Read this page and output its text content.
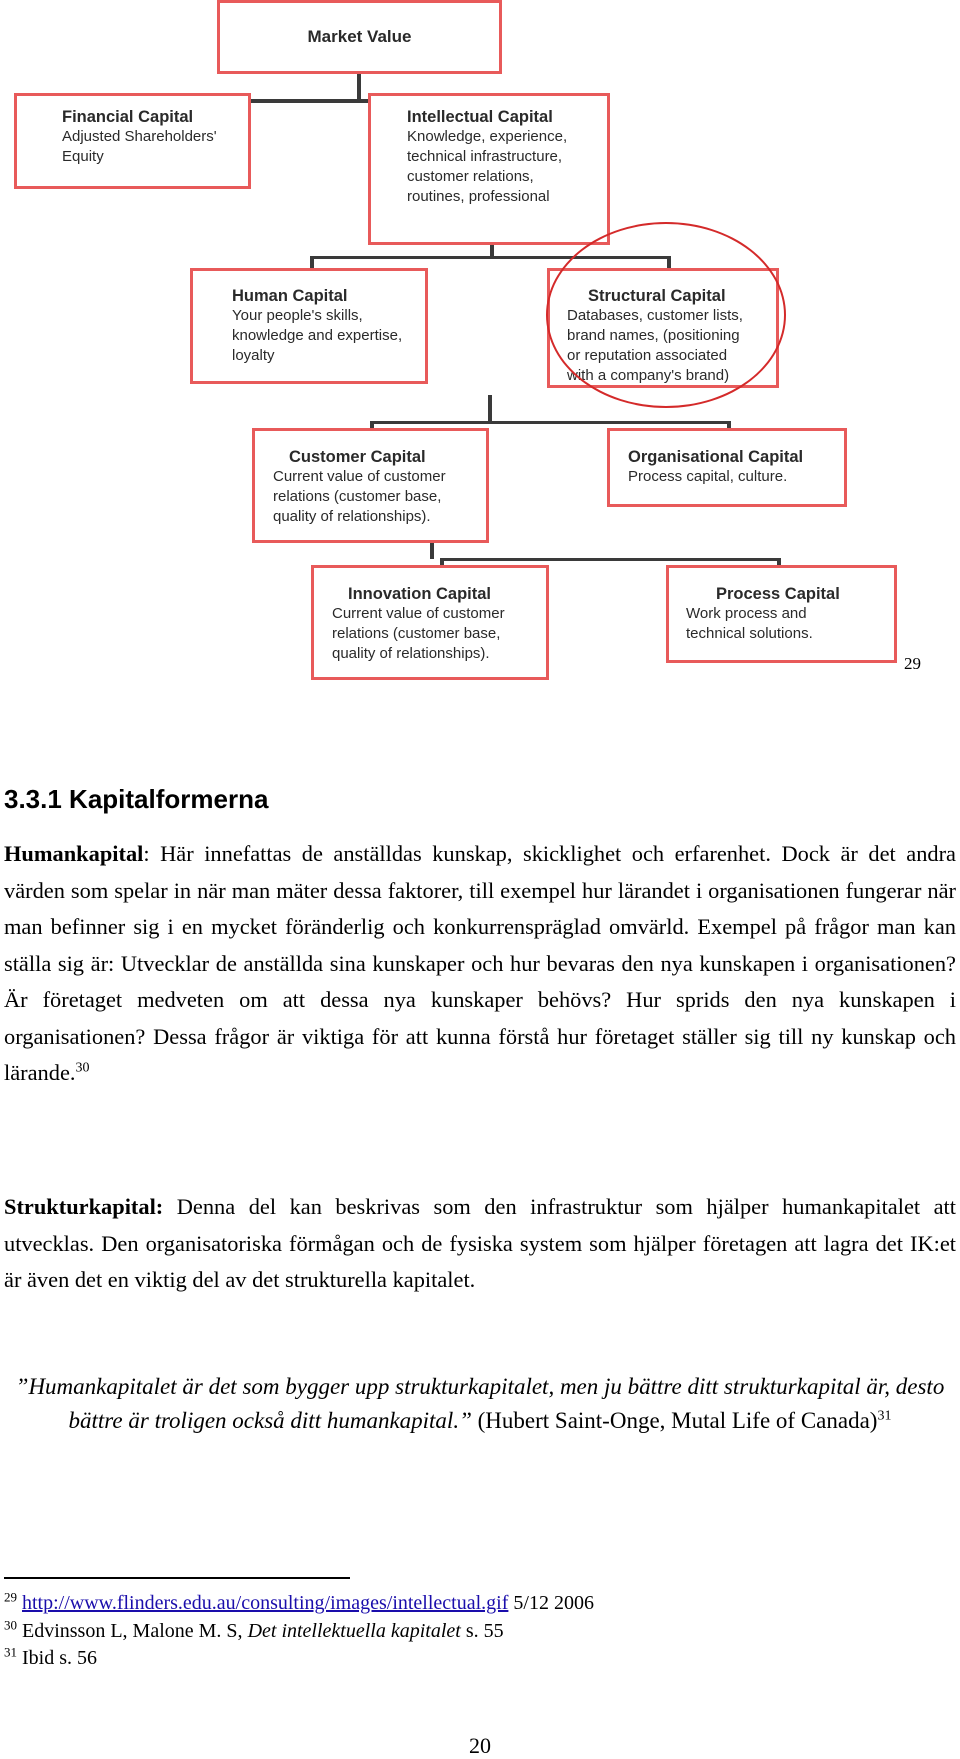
Market Value
Financial Capital
Adjusted Shareholders'
Equity
Intellectual Capital
Knowledge, experience,
technical infrastructure,
customer relations,
routines, professional
Human Capital
Your people's skills,
knowledge and expertise,
loyalty
Structural Capital
Databases, customer lists,
brand names, (positioning
or reputation associated
with a company's brand)
Customer Capital
Current value of customer
relations (customer base,
quality of relationships).
Organisational Capital
Process capital, culture.
Innovation Capital
Current value of customer
relations (customer base,
quality of relationships).
Process Capital
Work process and
technical solutions.
29
3.3.1 Kapitalformerna

Humankapital: Här innefattas de anställdas kunskap, skicklighet och erfarenhet. Dock är det andra värden som spelar in när man mäter dessa faktorer, till exempel hur lärandet i organisationen fungerar när man befinner sig i en mycket föränderlig och konkurrenspräglad omvärld. Exempel på frågor man kan ställa sig är: Utvecklar de anställda sina kunskaper och hur bevaras den nya kunskapen i organisationen? Är företaget medveten om att dessa nya kunskaper behövs? Hur sprids den nya kunskapen i organisationen? Dessa frågor är viktiga för att kunna förstå hur företaget ställer sig till ny kunskap och lärande.$^{30}$

Strukturkapital: Denna del kan beskrivas som den infrastruktur som hjälper humankapitalet att utvecklas. Den organisatoriska förmågan och de fysiska system som hjälper företagen att lagra det IK:et är även det en viktig del av det strukturella kapitalet.

”Humankapitalet är det som bygger upp strukturkapitalet, men ju bättre ditt strukturkapital är, desto bättre är troligen också ditt humankapital.” (Hubert Saint-Onge, Mutal Life of Canada)$^{31}$

$^{29}$ http://www.flinders.edu.au/consulting/images/intellectual.gif 5/12 2006
$^{30}$ Edvinsson L, Malone M. S, Det intellektuella kapitalet s. 55
$^{31}$ Ibid s. 56
20
